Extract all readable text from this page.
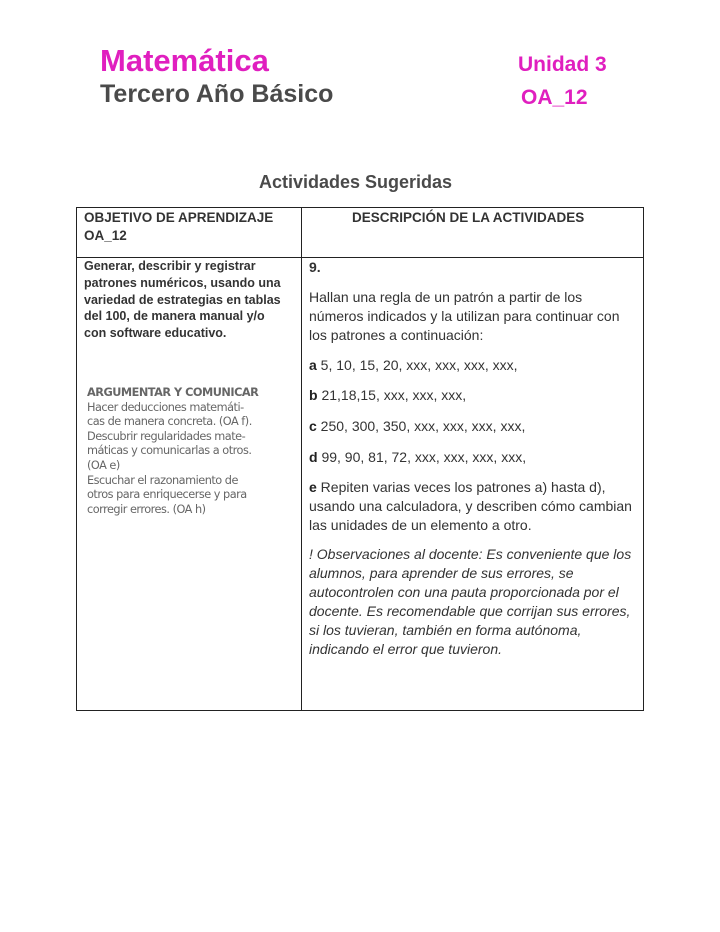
Matemática
Tercero Año Básico
Unidad 3
OA_12
Actividades Sugeridas
OBJETIVO DE APRENDIZAJE
OA_12
DESCRIPCIÓN DE LA ACTIVIDADES
Generar, describir y registrar
patrones numéricos, usando una
variedad de estrategias en tablas
del 100, de manera manual y/o
con software educativo.
ARGUMENTAR Y COMUNICAR
Hacer deducciones matemáti-
cas de manera concreta. (OA f).
Descubrir regularidades mate-
máticas y comunicarlas a otros.
(OA e)
Escuchar el razonamiento de
otros para enriquecerse y para
corregir errores. (OA h)
9.
Hallan una regla de un patrón a partir de los
números indicados y la utilizan para continuar con
los patrones a continuación:
a 5, 10, 15, 20, xxx, xxx, xxx, xxx,
b 21,18,15, xxx, xxx, xxx,
c 250, 300, 350, xxx, xxx, xxx, xxx,
d 99, 90, 81, 72, xxx, xxx, xxx, xxx,
e Repiten varias veces los patrones a) hasta d),
usando una calculadora, y describen cómo cambian
las unidades de un elemento a otro.
! Observaciones al docente: Es conveniente que los
alumnos, para aprender de sus errores, se
autocontrolen con una pauta proporcionada por el
docente. Es recomendable que corrijan sus errores,
si los tuvieran, también en forma autónoma,
indicando el error que tuvieron.
